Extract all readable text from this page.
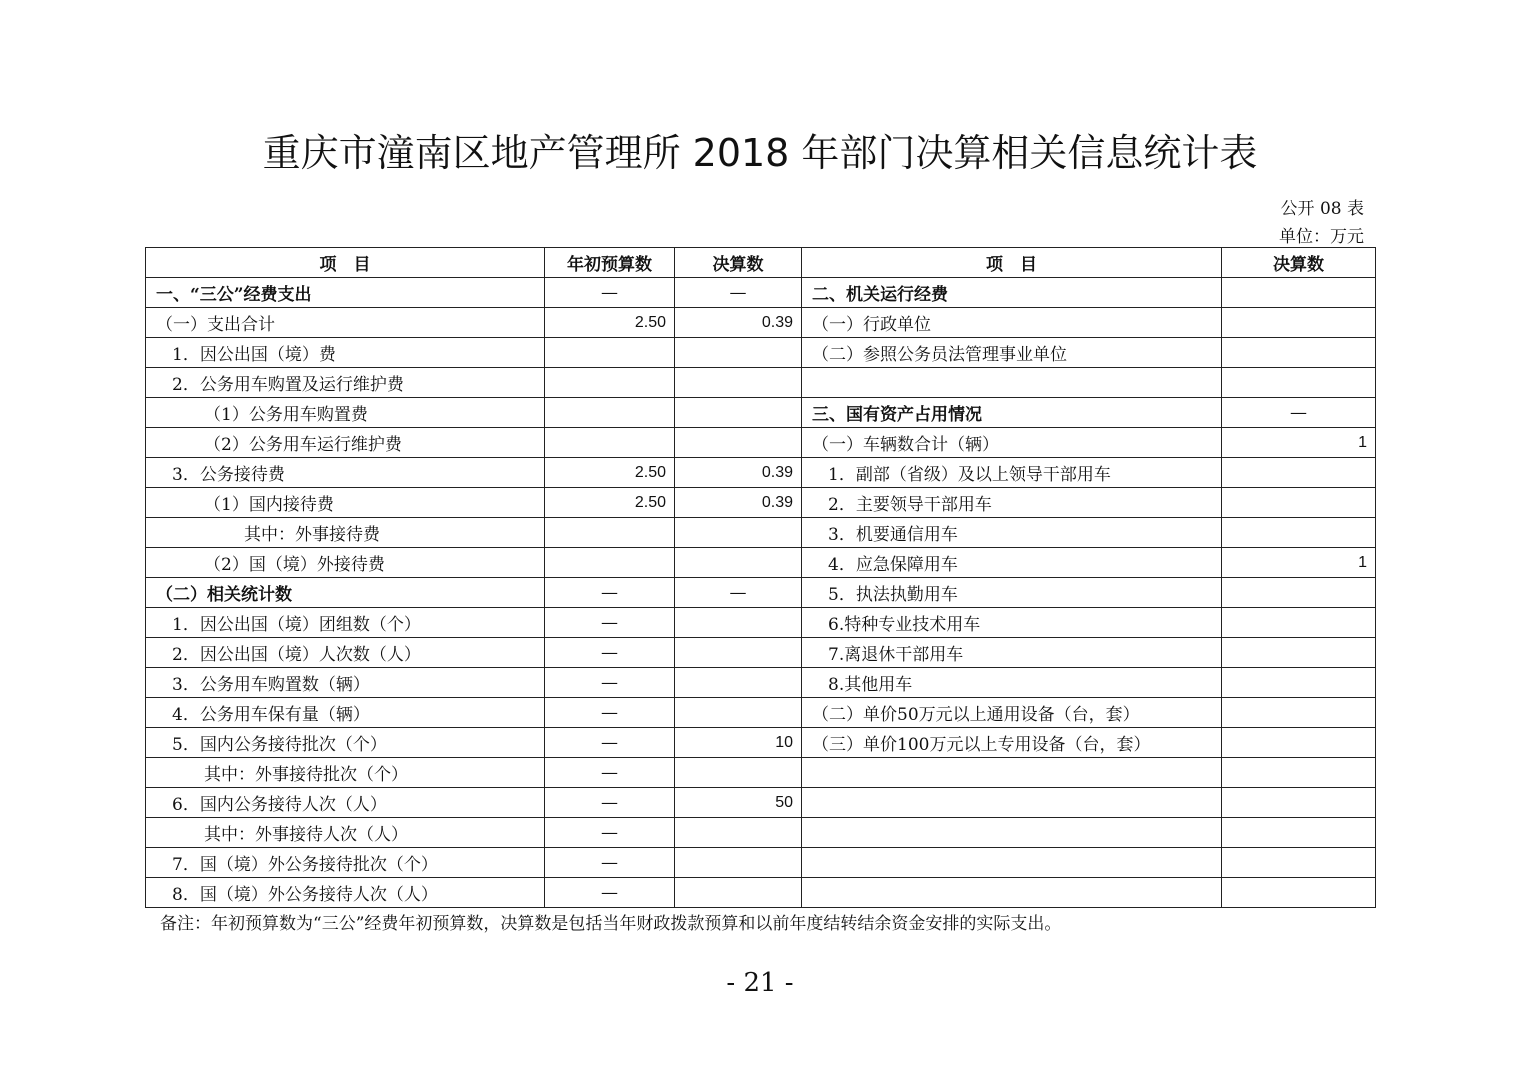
重庆市潼南区地产管理所 2018 年部门决算相关信息统计表
公开 08 表
单位：万元
项　目	年初预算数	决算数	项　目	决算数
一、“三公”经费支出	—	—	二、机关运行经费	
（一）支出合计	2.50	0.39	（一）行政单位	
1．因公出国（境）费			（二）参照公务员法管理事业单位	
2．公务用车购置及运行维护费				
（1）公务用车购置费			三、国有资产占用情况	—
（2）公务用车运行维护费			（一）车辆数合计（辆）	1
3．公务接待费	2.50	0.39	1．副部（省级）及以上领导干部用车	
（1）国内接待费	2.50	0.39	2．主要领导干部用车	
其中：外事接待费			3．机要通信用车	
（2）国（境）外接待费			4．应急保障用车	1
（二）相关统计数	—	—	5．执法执勤用车	
1．因公出国（境）团组数（个）	—		6.特种专业技术用车	
2．因公出国（境）人次数（人）	—		7.离退休干部用车	
3．公务用车购置数（辆）	—		8.其他用车	
4．公务用车保有量（辆）	—		（二）单价50万元以上通用设备（台，套）	
5．国内公务接待批次（个）	—	10	（三）单价100万元以上专用设备（台，套）	
其中：外事接待批次（个）	—			
6．国内公务接待人次（人）	—	50		
其中：外事接待人次（人）	—			
7．国（境）外公务接待批次（个）	—			
8．国（境）外公务接待人次（人）	—			
备注：年初预算数为“三公”经费年初预算数，决算数是包括当年财政拨款预算和以前年度结转结余资金安排的实际支出。
- 21 -
